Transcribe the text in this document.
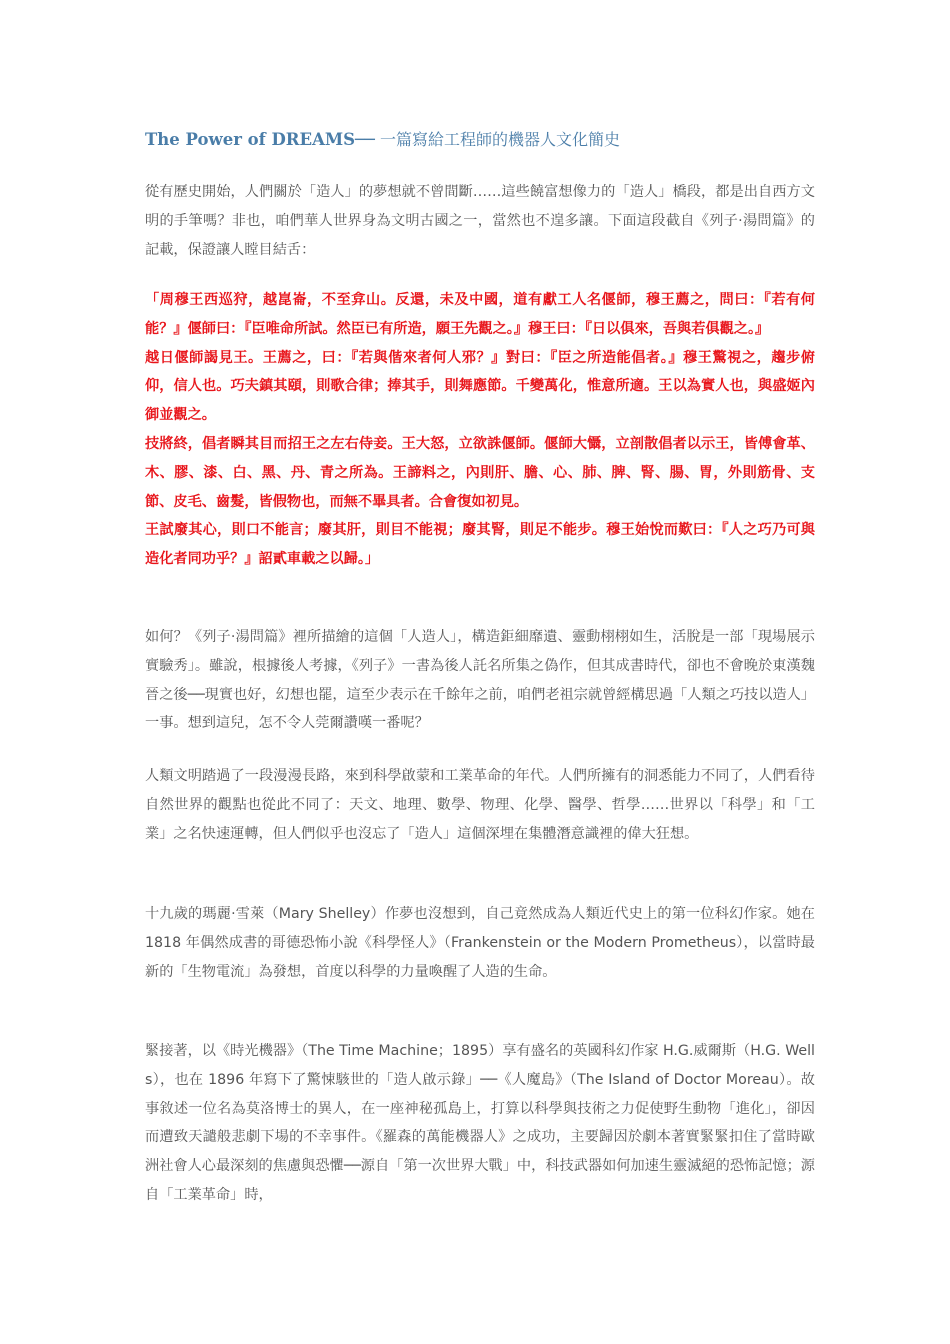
The Power of DREAMS── 一篇寫給工程師的機器人文化簡史

從有歷史開始，人們關於「造人」的夢想就不曾間斷……這些饒富想像力的「造人」橋段，都是出自西方文明的手筆嗎？非也，咱們華人世界身為文明古國之一，當然也不遑多讓。下面這段截自《列子·湯問篇》的記載，保證讓人瞠目結舌：

「周穆王西巡狩，越崑崙，不至弇山。反還，未及中國，道有獻工人名偃師，穆王薦之，問曰：『若有何能？』偃師曰：『臣唯命所試。然臣已有所造，願王先觀之。』穆王曰：『日以俱來，吾與若俱觀之。』

越日偃師謁見王。王薦之，曰：『若與偕來者何人邪？』對曰：『臣之所造能倡者。』穆王驚視之，趨步俯仰，信人也。巧夫鎮其頤，則歌合律；捧其手，則舞應節。千變萬化，惟意所適。王以為實人也，與盛姬內御並觀之。

技將終，倡者瞬其目而招王之左右侍妾。王大怒，立欲誅偃師。偃師大懾，立剖散倡者以示王，皆傅會革、木、膠、漆、白、黑、丹、青之所為。王諦料之，內則肝、膽、心、肺、脾、腎、腸、胃，外則筋骨、支節、皮毛、齒髮，皆假物也，而無不畢具者。合會復如初見。

王試廢其心，則口不能言；廢其肝，則目不能視；廢其腎，則足不能步。穆王始悅而歎曰：『人之巧乃可與造化者同功乎？』詔貳車載之以歸。」

如何？《列子·湯問篇》裡所描繪的這個「人造人」，構造鉅細靡遺、靈動栩栩如生，活脫是一部「現場展示實驗秀」。雖說，根據後人考據，《列子》一書為後人託名所集之偽作，但其成書時代，卻也不會晚於東漢魏晉之後──現實也好，幻想也罷，這至少表示在千餘年之前，咱們老祖宗就曾經構思過「人類之巧技以造人」一事。想到這兒，怎不令人莞爾讚嘆一番呢？

人類文明踏過了一段漫漫長路，來到科學啟蒙和工業革命的年代。人們所擁有的洞悉能力不同了，人們看待自然世界的觀點也從此不同了：天文、地理、數學、物理、化學、醫學、哲學……世界以「科學」和「工業」之名快速運轉，但人們似乎也沒忘了「造人」這個深埋在集體潛意識裡的偉大狂想。

十九歲的瑪麗·雪萊（Mary Shelley）作夢也沒想到，自己竟然成為人類近代史上的第一位科幻作家。她在 1818 年偶然成書的哥德恐怖小說《科學怪人》（Frankenstein or the Modern Prometheus），以當時最新的「生物電流」為發想，首度以科學的力量喚醒了人造的生命。

緊接著，以《時光機器》（The Time Machine；1895）享有盛名的英國科幻作家 H.G.威爾斯（H.G. Wells），也在 1896 年寫下了驚悚駭世的「造人啟示錄」──《人魔島》（The Island of Doctor Moreau）。故事敘述一位名為莫洛博士的異人，在一座神秘孤島上，打算以科學與技術之力促使野生動物「進化」，卻因而遭致天譴般悲劇下場的不幸事件。《羅森的萬能機器人》之成功，主要歸因於劇本著實緊緊扣住了當時歐洲社會人心最深刻的焦慮與恐懼──源自「第一次世界大戰」中，科技武器如何加速生靈滅絕的恐怖記憶；源自「工業革命」時，
